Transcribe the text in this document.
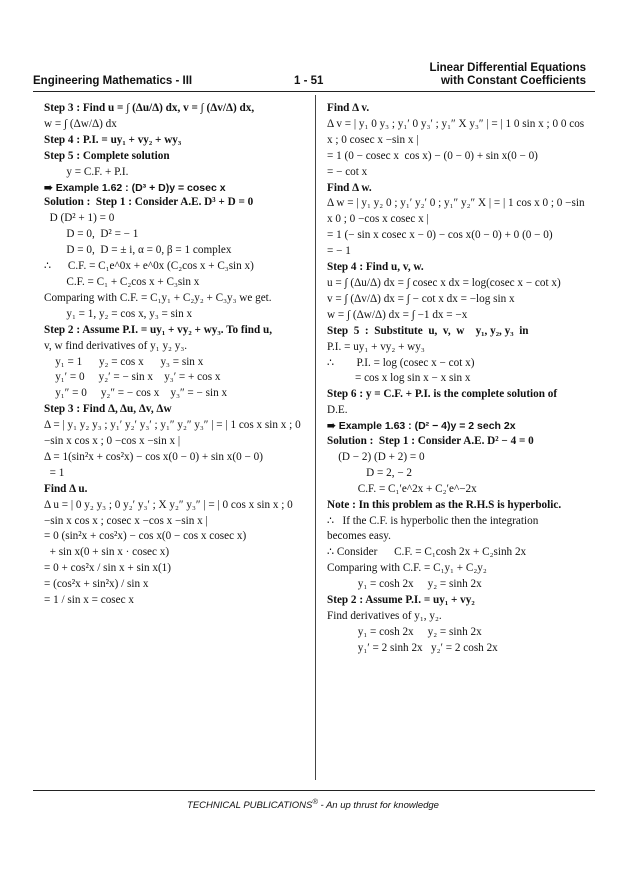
Linear Differential Equations
with Constant Coefficients
Engineering Mathematics - III	1 - 51
Step 3 : Find u = ∫ (Δu/Δ) dx, v = ∫ (Δv/Δ) dx,
w = ∫ (Δw/Δ) dx
Step 4 : P.I. = uy₁ + vy₂ + wy₃
Step 5 : Complete solution
y = C.F. + P.I.
➠ Example 1.62 : (D³ + D)y = cosec x
Solution :  Step 1 : Consider A.E. D³ + D = 0
D (D² + 1) = 0
D = 0,  D² = − 1
D = 0,  D = ± i, α = 0, β = 1 complex
∴      C.F. = C₁e^0x + e^0x (C₂cos x + C₃sin x)
C.F. = C₁ + C₂cos x + C₃sin x
Comparing with C.F. = C₁y₁ + C₂y₂ + C₃y₃ we get.
y₁ = 1, y₂ = cos x, y₃ = sin x
Step 2 : Assume P.I. = uy₁ + vy₂ + wy₃. To find u,
v, w find derivatives of y₁ y₂ y₃.
y₁ = 1      y₂ = cos x      y₃ = sin x
y₁′ = 0     y₂′ = − sin x    y₃′ = + cos x
y₁″ = 0     y₂″ = − cos x    y₃″ = − sin x
Step 3 : Find Δ, Δu, Δv, Δw
Δ = | y₁ y₂ y₃ ; y₁′ y₂′ y₃′ ; y₁″ y₂″ y₃″ | = | 1 cos x sin x ; 0 −sin x cos x ; 0 −cos x −sin x |
Δ = 1(sin²x + cos²x) − cos x(0 − 0) + sin x(0 − 0)
= 1
Find Δ u.
Δ u = | 0 y₂ y₃ ; 0 y₂′ y₃′ ; X y₂″ y₃″ | = | 0 cos x sin x ; 0 −sin x cos x ; cosec x −cos x −sin x |
= 0 (sin²x + cos²x) − cos x(0 − cos x cosec x)
+ sin x(0 + sin x · cosec x)
= 0 + cos²x / sin x + sin x(1)
= (cos²x + sin²x) / sin x
= 1 / sin x = cosec x
Find Δ v.
Δ v = | y₁ 0 y₃ ; y₁′ 0 y₃′ ; y₁″ X y₃″ | = | 1 0 sin x ; 0 0 cos x ; 0 cosec x −sin x |
= 1 (0 − cosec x  cos x) − (0 − 0) + sin x(0 − 0)
= − cot x
Find Δ w.
Δ w = | y₁ y₂ 0 ; y₁′ y₂′ 0 ; y₁″ y₂″ X | = | 1 cos x 0 ; 0 −sin x 0 ; 0 −cos x cosec x |
= 1 (− sin x cosec x − 0) − cos x(0 − 0) + 0 (0 − 0)
= − 1
Step 4 : Find u, v, w.
u = ∫ (Δu/Δ) dx = ∫ cosec x dx = log(cosec x − cot x)
v = ∫ (Δv/Δ) dx = ∫ − cot x dx = −log sin x
w = ∫ (Δw/Δ) dx = ∫ −1 dx = −x
Step  5  :  Substitute  u,  v,  w    y₁, y₂, y₃  in
P.I. = uy₁ + vy₂ + wy₃
∴        P.I. = log (cosec x − cot x)
= cos x log sin x − x sin x
Step 6 : y = C.F. + P.I. is the complete solution of
D.E.
➠ Example 1.63 : (D² − 4)y = 2 sech 2x
Solution :  Step 1 : Consider A.E. D² − 4 = 0
(D − 2) (D + 2) = 0
D = 2, − 2
C.F. = C₁′e^2x + C₂′e^−2x
Note : In this problem as the R.H.S is hyperbolic.
∴   If the C.F. is hyperbolic then the integration
becomes easy.
∴ Consider      C.F. = C₁cosh 2x + C₂sinh 2x
Comparing with C.F. = C₁y₁ + C₂y₂
y₁ = cosh 2x     y₂ = sinh 2x
Step 2 : Assume P.I. = uy₁ + vy₂
Find derivatives of y₁, y₂.
y₁ = cosh 2x     y₂ = sinh 2x
y₁′ = 2 sinh 2x   y₂′ = 2 cosh 2x
TECHNICAL PUBLICATIONS® - An up thrust for knowledge
